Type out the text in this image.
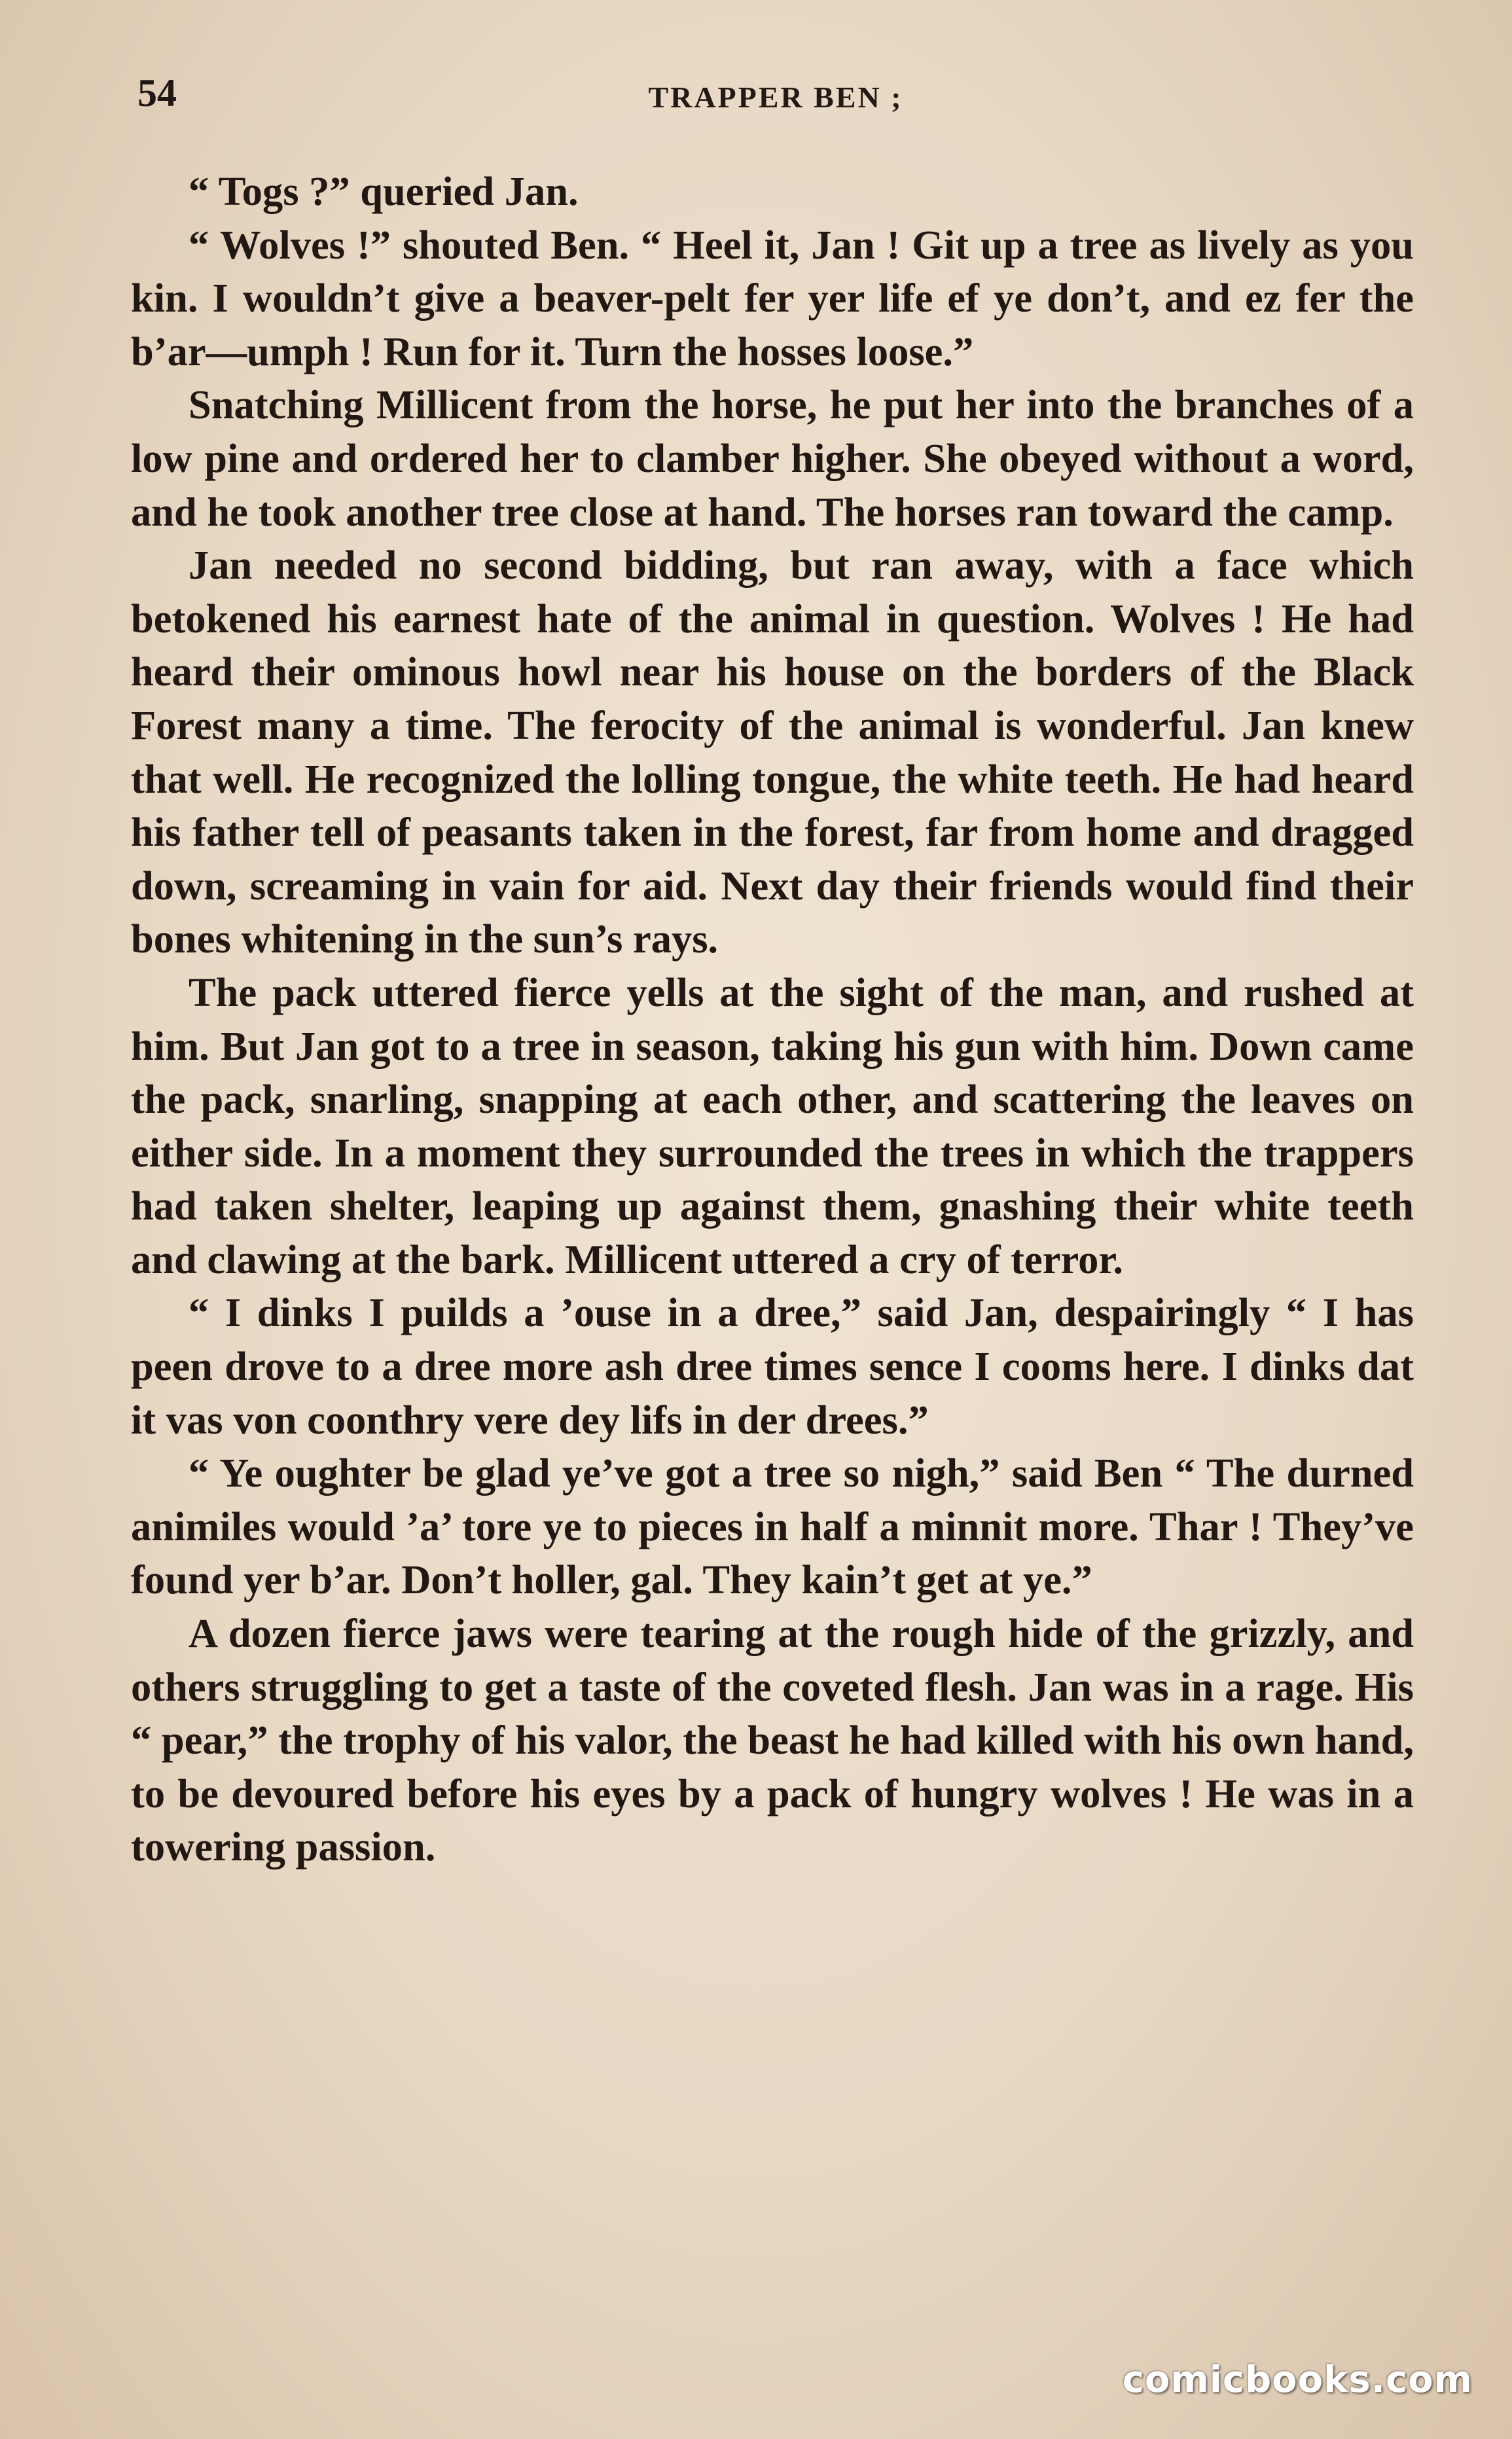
54	TRAPPER BEN ;

“ Togs ?” queried Jan.

“ Wolves !” shouted Ben. “ Heel it, Jan ! Git up a tree as lively as you kin. I wouldn’t give a beaver-pelt fer yer life ef ye don’t, and ez fer the b’ar—umph ! Run for it. Turn the hosses loose.”

Snatching Millicent from the horse, he put her into the branches of a low pine and ordered her to clamber higher. She obeyed without a word, and he took another tree close at hand. The horses ran toward the camp.

Jan needed no second bidding, but ran away, with a face which betokened his earnest hate of the animal in question. Wolves ! He had heard their ominous howl near his house on the borders of the Black Forest many a time. The ferocity of the animal is wonderful. Jan knew that well. He recognized the lolling tongue, the white teeth. He had heard his father tell of peasants taken in the forest, far from home and dragged down, screaming in vain for aid. Next day their friends would find their bones whitening in the sun’s rays.

The pack uttered fierce yells at the sight of the man, and rushed at him. But Jan got to a tree in season, taking his gun with him. Down came the pack, snarling, snapping at each other, and scattering the leaves on either side. In a moment they surrounded the trees in which the trappers had taken shelter, leaping up against them, gnashing their white teeth and clawing at the bark. Millicent uttered a cry of terror.

“ I dinks I puilds a ’ouse in a dree,” said Jan, despairingly “ I has peen drove to a dree more ash dree times sence I cooms here. I dinks dat it vas von coonthry vere dey lifs in der drees.”

“ Ye oughter be glad ye’ve got a tree so nigh,” said Ben “ The durned animiles would ’a’ tore ye to pieces in half a minnit more. Thar ! They’ve found yer b’ar. Don’t holler, gal. They kain’t get at ye.”

A dozen fierce jaws were tearing at the rough hide of the grizzly, and others struggling to get a taste of the coveted flesh. Jan was in a rage. His “ pear,” the trophy of his valor, the beast he had killed with his own hand, to be devoured before his eyes by a pack of hungry wolves ! He was in a towering passion.

comicbooks.com
